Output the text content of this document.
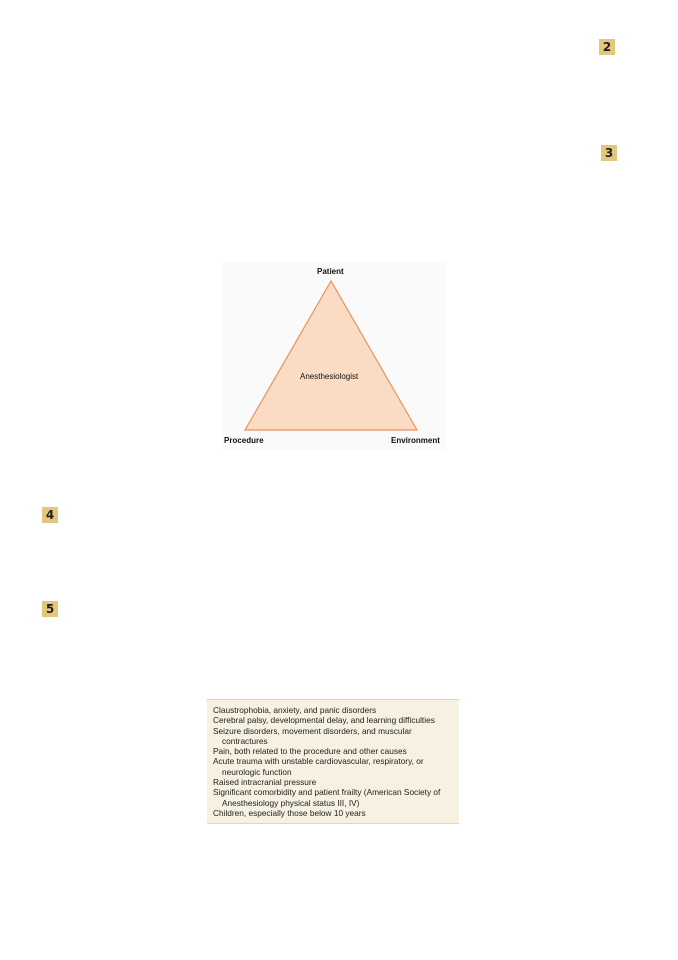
2
3
Patient
Procedure	Environment
Anesthesiologist
4
5
Claustrophobia, anxiety, and panic disorders
Cerebral palsy, developmental delay, and learning difficulties
Seizure disorders, movement disorders, and muscular
contractures
Pain, both related to the procedure and other causes
Acute trauma with unstable cardiovascular, respiratory, or
neurologic function
Raised intracranial pressure
Significant comorbidity and patient frailty (American Society of
Anesthesiology physical status III, IV)
Children, especially those below 10 years
